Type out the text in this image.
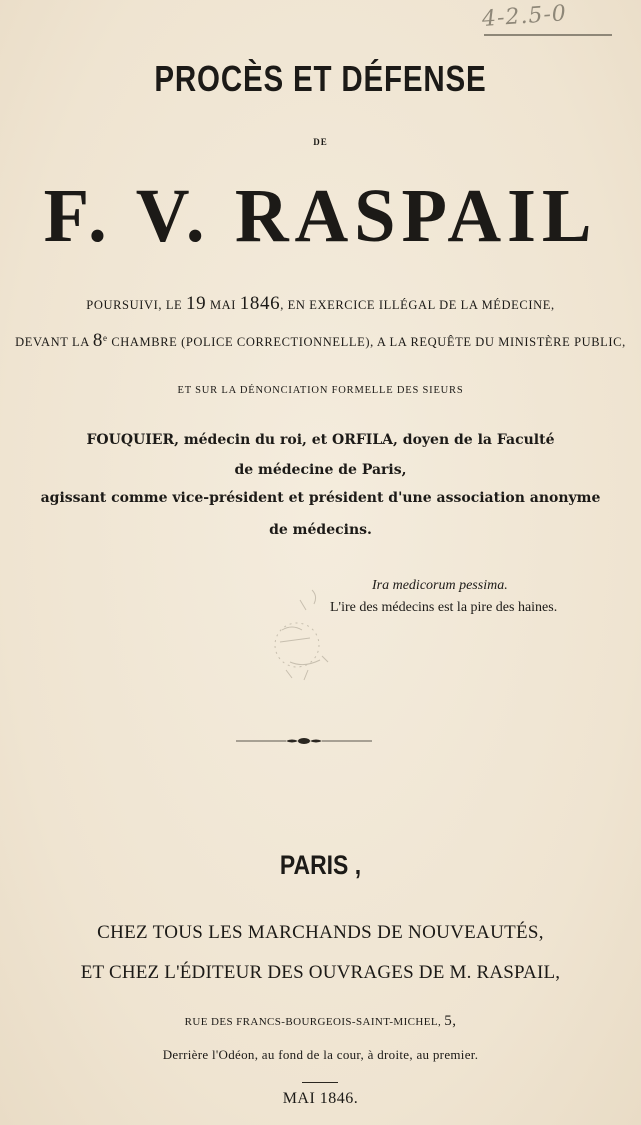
4-2.5-0
PROCÈS ET DÉFENSE
DE
F. V. RASPAIL
POURSUIVI, LE 19 MAI 1846, EN EXERCICE ILLÉGAL DE LA MÉDECINE,
DEVANT LA 8e CHAMBRE (POLICE CORRECTIONNELLE), A LA REQUÊTE DU MINISTÈRE PUBLIC,
ET SUR LA DÉNONCIATION FORMELLE DES SIEURS
FOUQUIER, médecin du roi, et ORFILA, doyen de la Faculté
de médecine de Paris,
agissant comme vice-président et président d'une association anonyme
de médecins.
Ira medicorum pessima.
L'ire des médecins est la pire des haines.
PARIS ,
CHEZ TOUS LES MARCHANDS DE NOUVEAUTÉS,
ET CHEZ L'ÉDITEUR DES OUVRAGES DE M. RASPAIL,
RUE DES FRANCS-BOURGEOIS-SAINT-MICHEL, 5,
Derrière l'Odéon, au fond de la cour, à droite, au premier.
MAI 1846.
